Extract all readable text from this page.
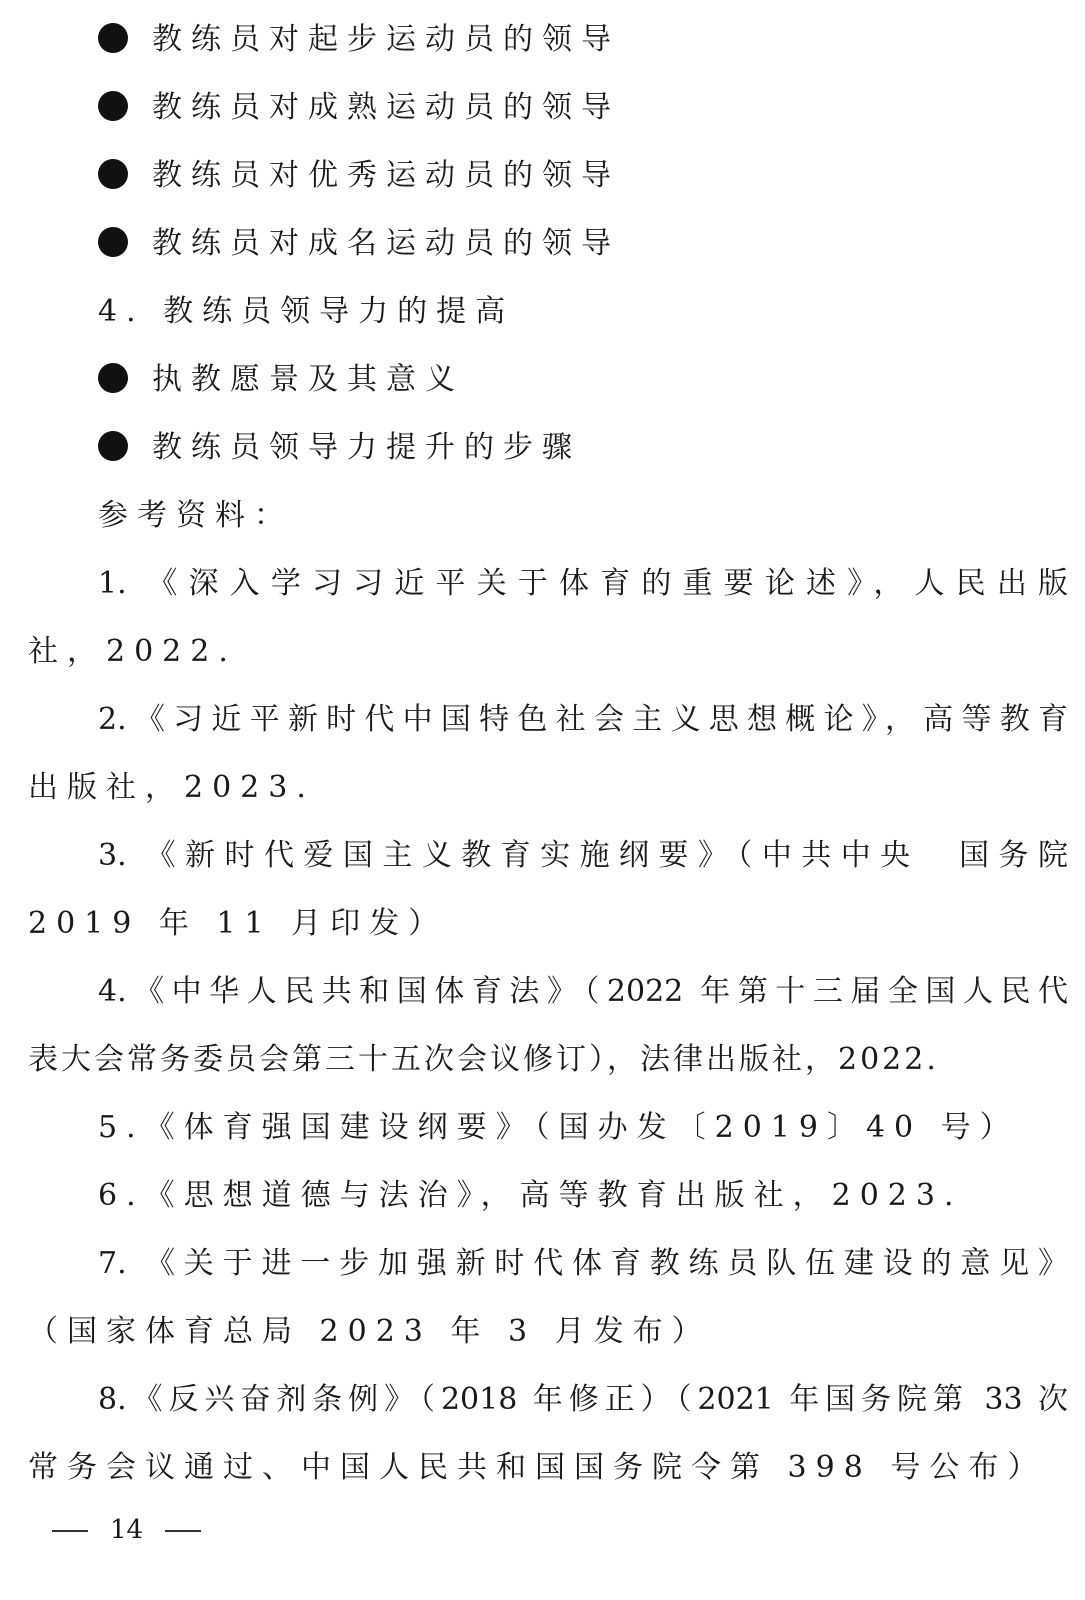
教练员对起步运动员的领导
教练员对成熟运动员的领导
教练员对优秀运动员的领导
教练员对成名运动员的领导
4. 教练员领导力的提高
执教愿景及其意义
教练员领导力提升的步骤
参考资料：
1. 《深入学习习近平关于体育的重要论述》，人民出版
社，2022.
2.《习近平新时代中国特色社会主义思想概论》，高等教育
出版社，2023.
3. 《新时代爱国主义教育实施纲要》（中共中央　国务院
2019 年 11 月印发）
4.《中华人民共和国体育法》（2022 年第十三届全国人民代
表大会常务委员会第三十五次会议修订），法律出版社，2022.
5.《体育强国建设纲要》（国办发〔2019〕40 号）
6.《思想道德与法治》，高等教育出版社，2023.
7. 《关于进一步加强新时代体育教练员队伍建设的意见》
（国家体育总局 2023 年 3 月发布）
8.《反兴奋剂条例》（2018 年修正）（2021 年国务院第 33 次
常务会议通过、中国人民共和国国务院令第 398 号公布）
14
